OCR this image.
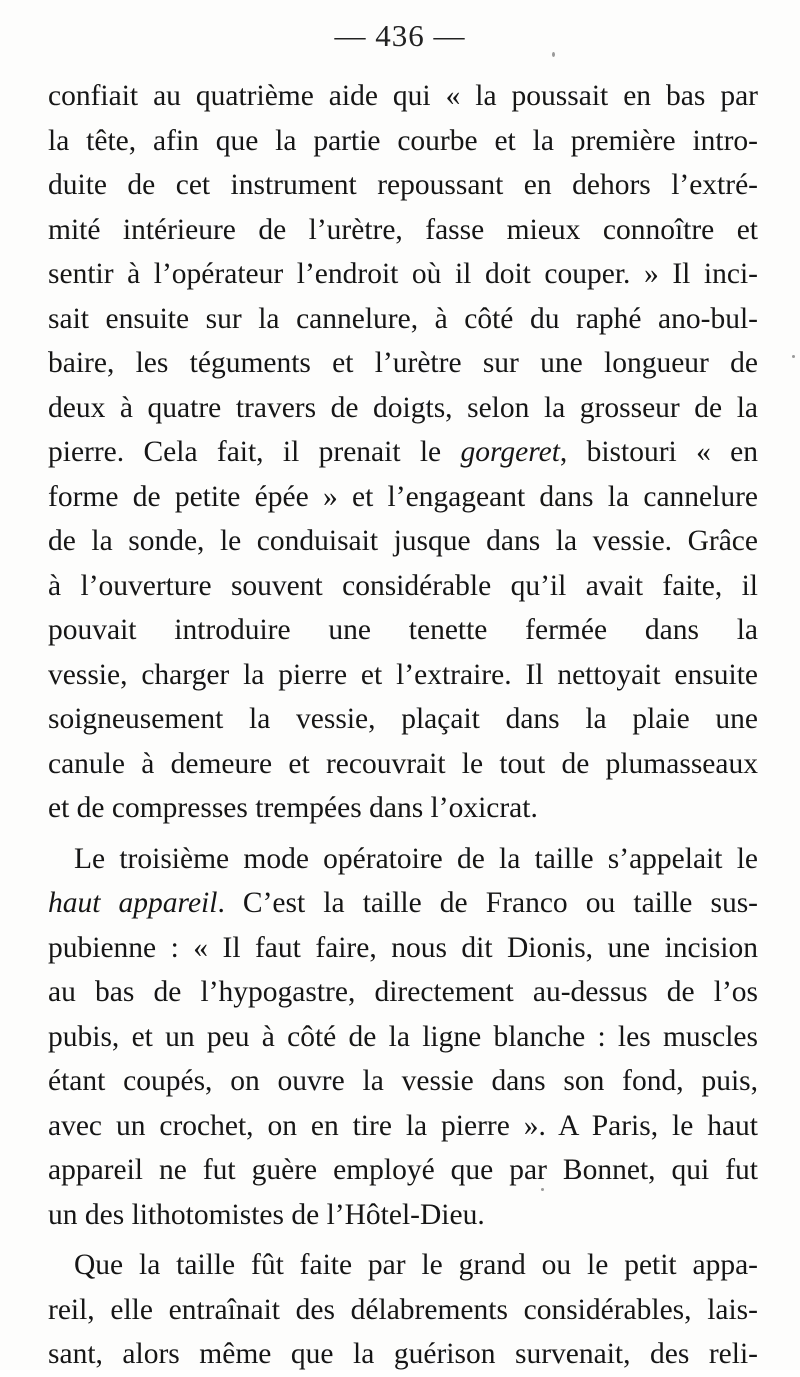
— 436 —
confiait au quatrième aide qui « la poussait en bas par
la tête, afin que la partie courbe et la première intro-
duite de cet instrument repoussant en dehors l’extré-
mité intérieure de l’urètre, fasse mieux connoître et
sentir à l’opérateur l’endroit où il doit couper. » Il inci-
sait ensuite sur la cannelure, à côté du raphé ano-bul-
baire, les téguments et l’urètre sur une longueur de
deux à quatre travers de doigts, selon la grosseur de la
pierre. Cela fait, il prenait le gorgeret, bistouri « en
forme de petite épée » et l’engageant dans la cannelure
de la sonde, le conduisait jusque dans la vessie. Grâce
à l’ouverture souvent considérable qu’il avait faite, il
pouvait introduire une tenette fermée dans la
vessie, charger la pierre et l’extraire. Il nettoyait ensuite
soigneusement la vessie, plaçait dans la plaie une
canule à demeure et recouvrait le tout de plumasseaux
et de compresses trempées dans l’oxicrat.
Le troisième mode opératoire de la taille s’appelait le
haut appareil. C’est la taille de Franco ou taille sus-
pubienne : « Il faut faire, nous dit Dionis, une incision
au bas de l’hypogastre, directement au-dessus de l’os
pubis, et un peu à côté de la ligne blanche : les muscles
étant coupés, on ouvre la vessie dans son fond, puis,
avec un crochet, on en tire la pierre ». A Paris, le haut
appareil ne fut guère employé que par Bonnet, qui fut
un des lithotomistes de l’Hôtel-Dieu.
Que la taille fût faite par le grand ou le petit appa-
reil, elle entraînait des délabrements considérables, lais-
sant, alors même que la guérison survenait, des reli-
